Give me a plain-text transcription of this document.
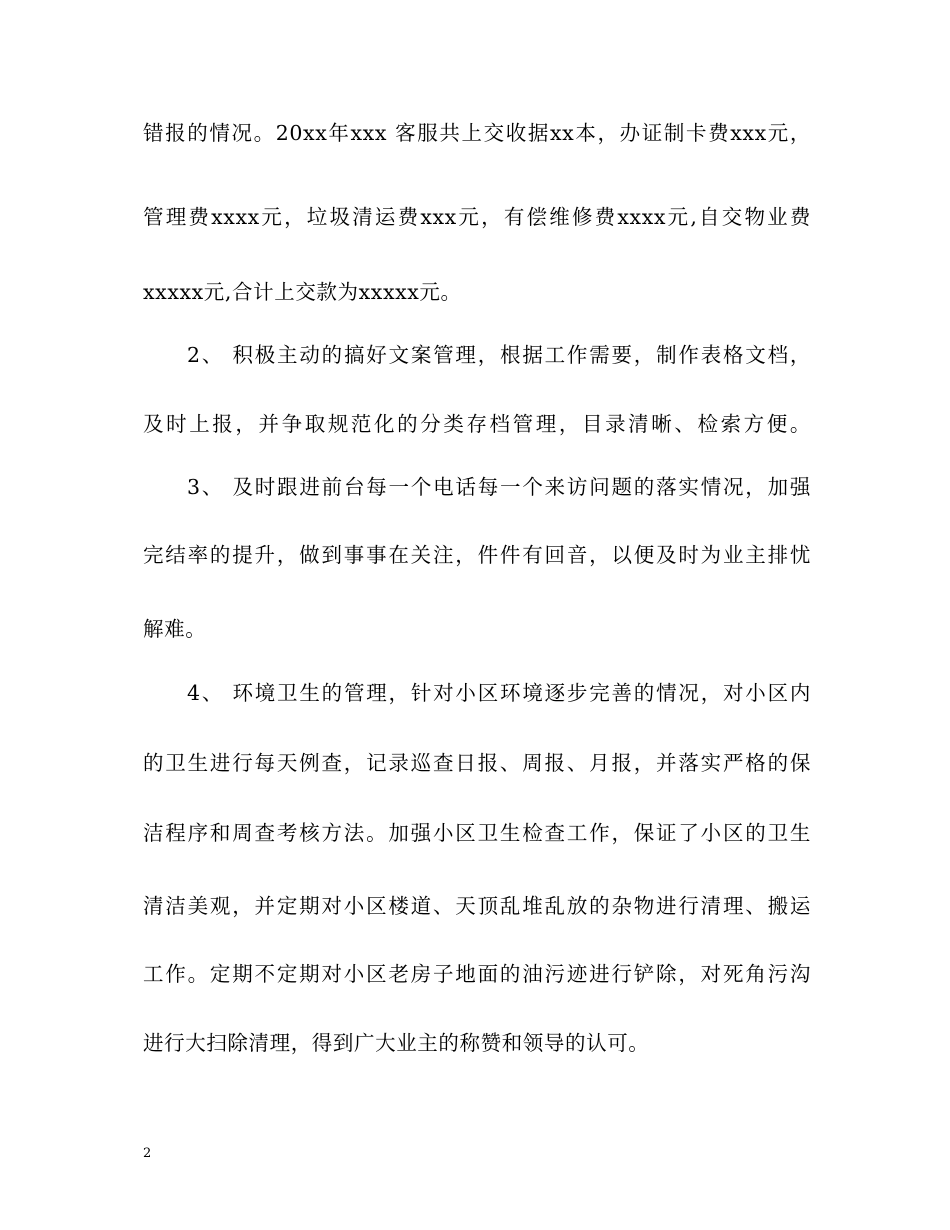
错报的情况。20xx年xxx 客服共上交收据xx本，办证制卡费xxx元，
管理费xxxx元，垃圾清运费xxx元，有偿维修费xxxx元,自交物业费
xxxxx元,合计上交款为xxxxx元。
2、 积极主动的搞好文案管理，根据工作需要，制作表格文档，
及时上报，并争取规范化的分类存档管理，目录清晰、检索方便。
3、 及时跟进前台每一个电话每一个来访问题的落实情况，加强
完结率的提升，做到事事在关注，件件有回音，以便及时为业主排忧
解难。
4、 环境卫生的管理，针对小区环境逐步完善的情况，对小区内
的卫生进行每天例查，记录巡查日报、周报、月报，并落实严格的保
洁程序和周查考核方法。加强小区卫生检查工作，保证了小区的卫生
清洁美观，并定期对小区楼道、天顶乱堆乱放的杂物进行清理、搬运
工作。定期不定期对小区老房子地面的油污迹进行铲除，对死角污沟
进行大扫除清理，得到广大业主的称赞和领导的认可。
2
